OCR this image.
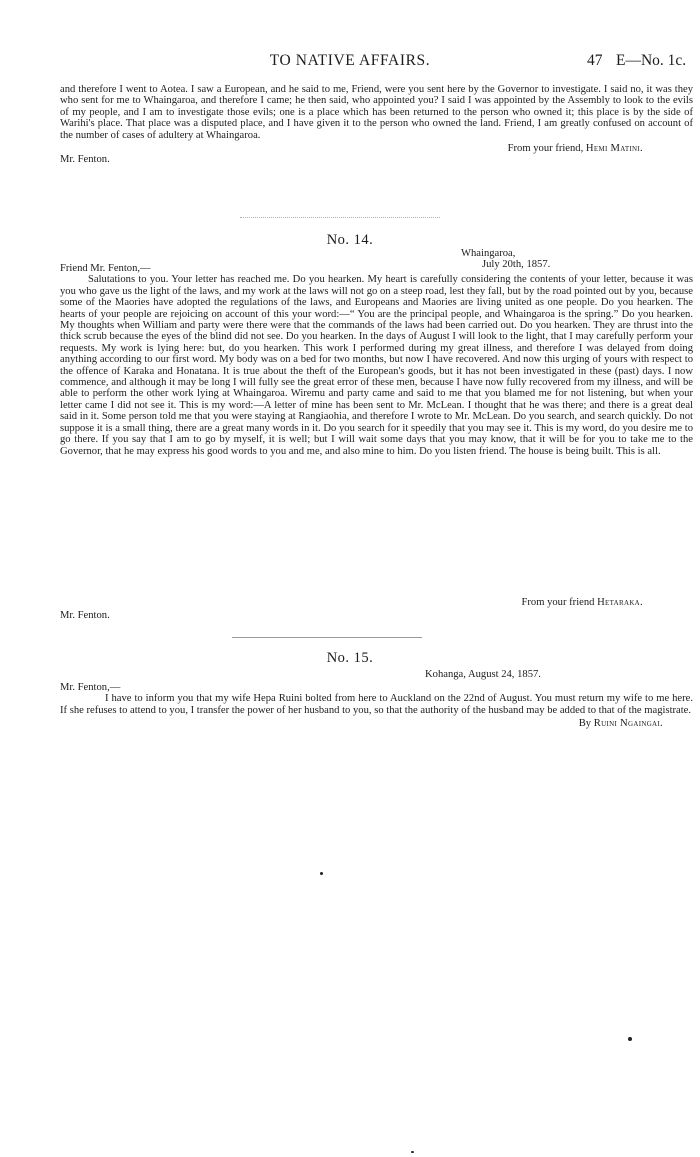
TO NATIVE AFFAIRS.	47 E—No. 1c.

and therefore I went to Aotea. I saw a European, and he said to me, Friend, were you sent here by the Governor to investigate. I said no, it was they who sent for me to Whaingaroa, and therefore I came; he then said, who appointed you? I said I was appointed by the Assembly to look to the evils of my people, and I am to investigate those evils; one is a place which has been returned to the person who owned it; this place is by the side of Warihi's place. That place was a disputed place, and I have given it to the person who owned the land. Friend, I am greatly confused on account of the number of cases of adultery at Whaingaroa.

From your friend, Hemi Matini.

Mr. Fenton.

No. 14.
Whaingaroa,
July 20th, 1857.

Friend Mr. Fenton,—

Salutations to you. Your letter has reached me. Do you hearken. My heart is carefully considering the contents of your letter, because it was you who gave us the light of the laws, and my work at the laws will not go on a steep road, lest they fall, but by the road pointed out by you, because some of the Maories have adopted the regulations of the laws, and Europeans and Maories are living united as one people. Do you hearken. The hearts of your people are rejoicing on account of this your word:—“ You are the principal people, and Whaingaroa is the spring.” Do you hearken. My thoughts when William and party were there were that the commands of the laws had been carried out. Do you hearken. They are thrust into the thick scrub because the eyes of the blind did not see. Do you hearken. In the days of August I will look to the light, that I may carefully perform your requests. My work is lying here: but, do you hearken. This work I performed during my great illness, and therefore I was delayed from doing anything according to our first word. My body was on a bed for two months, but now I have recovered. And now this urging of yours with respect to the offence of Karaka and Honatana. It is true about the theft of the European's goods, but it has not been investigated in these (past) days. I now commence, and although it may be long I will fully see the great error of these men, because I have now fully recovered from my illness, and will be able to perform the other work lying at Whaingaroa. Wiremu and party came and said to me that you blamed me for not listening, but when your letter came I did not see it. This is my word:—A letter of mine has been sent to Mr. McLean. I thought that he was there; and there is a great deal said in it. Some person told me that you were staying at Rangiaohia, and therefore I wrote to Mr. McLean. Do you search, and search quickly. Do not suppose it is a small thing, there are a great many words in it. Do you search for it speedily that you may see it. This is my word, do you desire me to go there. If you say that I am to go by myself, it is well; but I will wait some days that you may know, that it will be for you to take me to the Governor, that he may express his good words to you and me, and also mine to him. Do you listen friend. The house is being built. This is all.

From your friend Hetaraka.

Mr. Fenton.

No. 15.
Kohanga, August 24, 1857.

Mr. Fenton,—

I have to inform you that my wife Hepa Ruini bolted from here to Auckland on the 22nd of August. You must return my wife to me here. If she refuses to attend to you, I transfer the power of her husband to you, so that the authority of the husband may be added to that of the magistrate.

By Ruini Ngaingai.
